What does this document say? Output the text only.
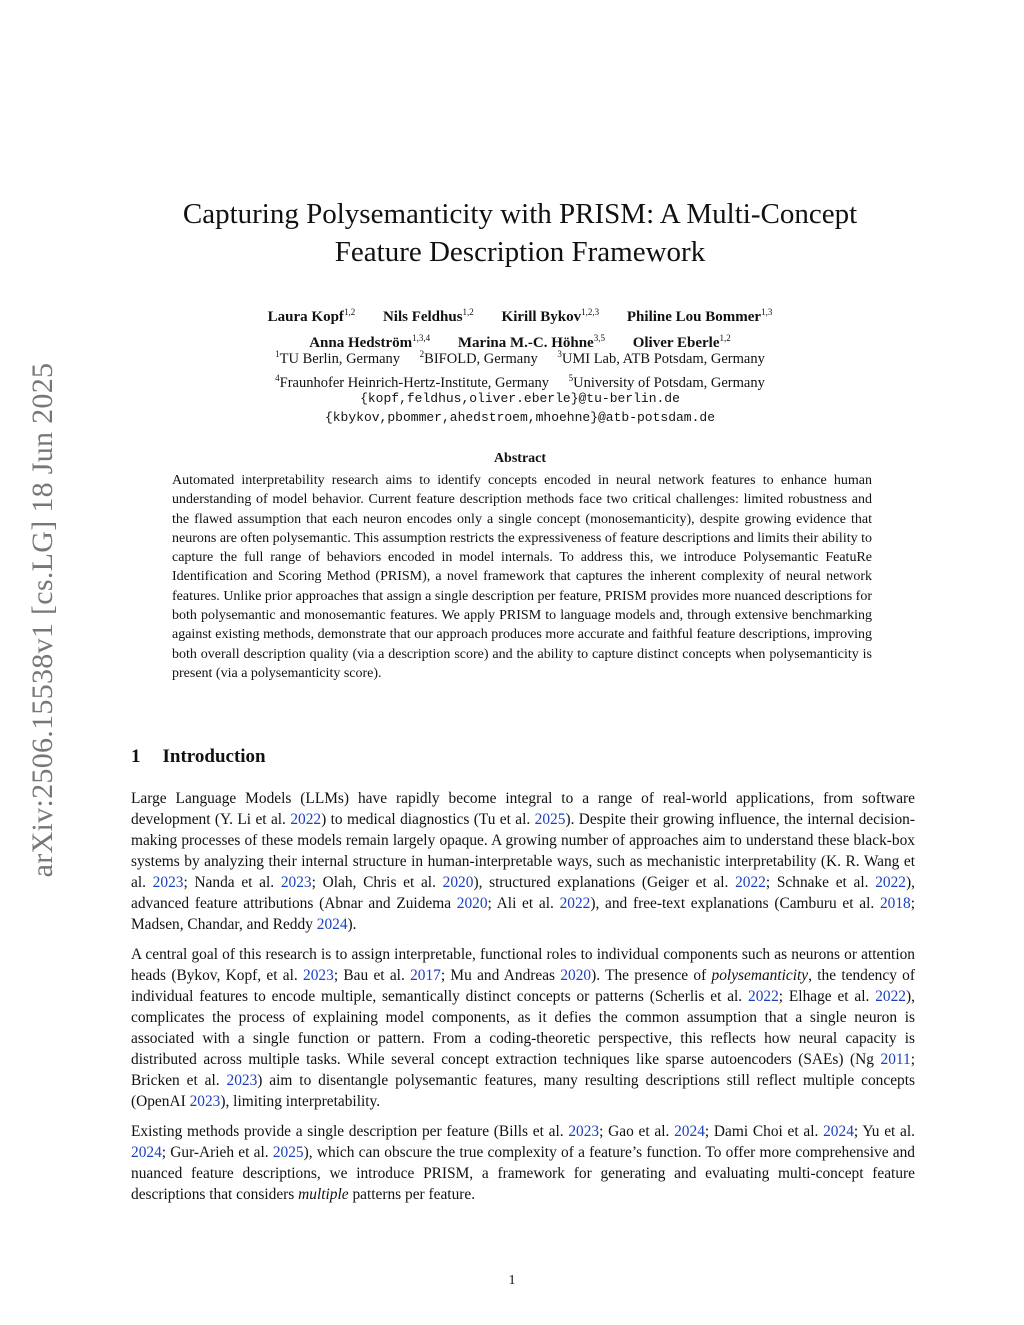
arXiv:2506.15538v1 [cs.LG] 18 Jun 2025
Capturing Polysemanticity with PRISM: A Multi-Concept
Feature Description Framework
Laura Kopf$^{1,2}$ Nils Feldhus$^{1,2}$ Kirill Bykov$^{1,2,3}$ Philine Lou Bommer$^{1,3}$
Anna Hedström$^{1,3,4}$ Marina M.-C. Höhne$^{3,5}$ Oliver Eberle$^{1,2}$
$^1$TU Berlin, Germany $^2$BIFOLD, Germany $^3$UMI Lab, ATB Potsdam, Germany
$^4$Fraunhofer Heinrich-Hertz-Institute, Germany $^5$University of Potsdam, Germany
{kopf,feldhus,oliver.eberle}@tu-berlin.de
{kbykov,pbommer,ahedstroem,mhoehne}@atb-potsdam.de
Abstract
Automated interpretability research aims to identify concepts encoded in neural network features to enhance human understanding of model behavior. Current feature description methods face two critical challenges: limited robustness and the flawed assumption that each neuron encodes only a single concept (monosemanticity), despite growing evidence that neurons are often polysemantic. This assumption restricts the expressiveness of feature descriptions and limits their ability to capture the full range of behaviors encoded in model internals. To address this, we introduce Polysemantic FeatuRe Identification and Scoring Method (PRISM), a novel framework that captures the inherent complexity of neural network features. Unlike prior approaches that assign a single description per feature, PRISM provides more nuanced descriptions for both polysemantic and monosemantic features. We apply PRISM to language models and, through extensive benchmarking against existing methods, demonstrate that our approach produces more accurate and faithful feature descriptions, improving both overall description quality (via a description score) and the ability to capture distinct concepts when polysemanticity is present (via a polysemanticity score).
1 Introduction

Large Language Models (LLMs) have rapidly become integral to a range of real-world applications, from software development (Y. Li et al. 2022) to medical diagnostics (Tu et al. 2025). Despite their growing influence, the internal decision-making processes of these models remain largely opaque. A growing number of approaches aim to understand these black-box systems by analyzing their internal structure in human-interpretable ways, such as mechanistic interpretability (K. R. Wang et al. 2023; Nanda et al. 2023; Olah, Chris et al. 2020), structured explanations (Geiger et al. 2022; Schnake et al. 2022), advanced feature attributions (Abnar and Zuidema 2020; Ali et al. 2022), and free-text explanations (Camburu et al. 2018; Madsen, Chandar, and Reddy 2024).

A central goal of this research is to assign interpretable, functional roles to individual components such as neurons or attention heads (Bykov, Kopf, et al. 2023; Bau et al. 2017; Mu and Andreas 2020). The presence of polysemanticity, the tendency of individual features to encode multiple, semantically distinct concepts or patterns (Scherlis et al. 2022; Elhage et al. 2022), complicates the process of explaining model components, as it defies the common assumption that a single neuron is associated with a single function or pattern. From a coding-theoretic perspective, this reflects how neural capacity is distributed across multiple tasks. While several concept extraction techniques like sparse autoencoders (SAEs) (Ng 2011; Bricken et al. 2023) aim to disentangle polysemantic features, many resulting descriptions still reflect multiple concepts (OpenAI 2023), limiting interpretability.

Existing methods provide a single description per feature (Bills et al. 2023; Gao et al. 2024; Dami Choi et al. 2024; Yu et al. 2024; Gur-Arieh et al. 2025), which can obscure the true complexity of a feature’s function. To offer more comprehensive and nuanced feature descriptions, we introduce PRISM, a framework for generating and evaluating multi-concept feature descriptions that considers multiple patterns per feature.

1
